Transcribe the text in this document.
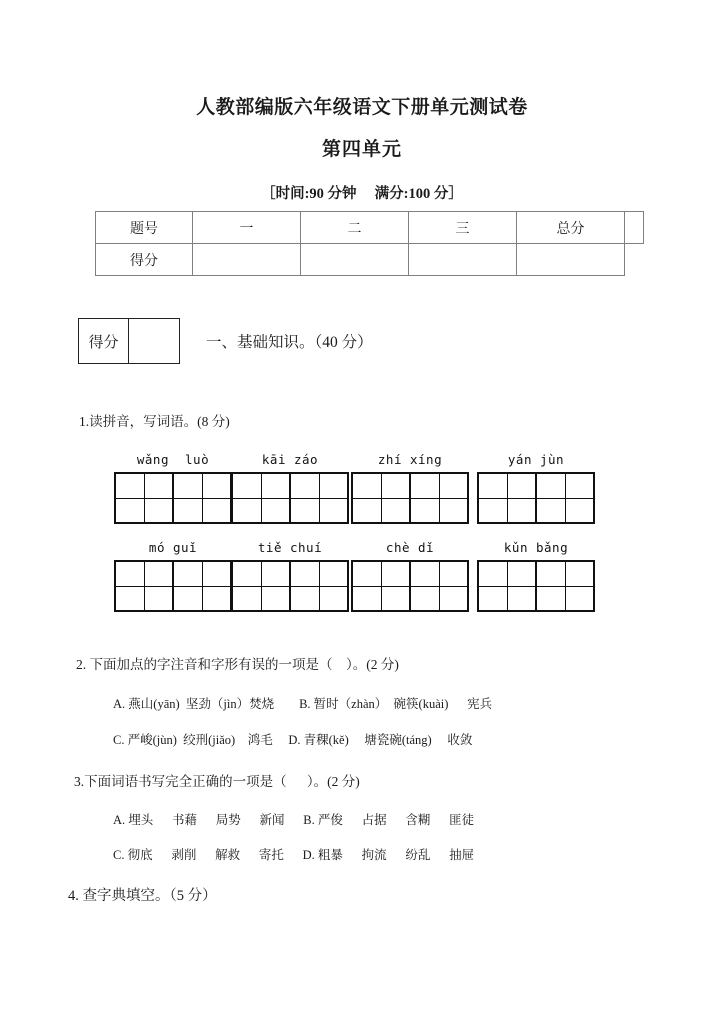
人教部编版六年级语文下册单元测试卷
第四单元
［时间:90 分钟     满分:100 分］
题号	一	二	三	总分	
得分					
得分	一、基础知识。（40 分）
1.读拼音，写词语。(8 分)
wǎng  luò	kāi záo	zhí xíng	yán jùn
mó guǐ	tiě chuí	chè dǐ	kǔn bǎng
2. 下面加点的字注音和字形有误的一项是（    ）。(2 分)
A. 燕山(yān)  坚劲（jìn）焚烧        B. 暂时（zhàn）  碗筷(kuài)      宪兵
C. 严峻(jùn)  绞刑(jiǎo)    鸿毛     D. 青稞(kě)     塘瓷碗(táng)     收敛
3.下面词语书写完全正确的一项是（      ）。(2 分)
A. 埋头      书藉      局势      新闻      B. 严俊      占据      含糊      匪徒
C. 彻底      剥削      解救      寄托      D. 粗暴      拘流      纷乱      抽屉
4. 查字典填空。（5 分）
